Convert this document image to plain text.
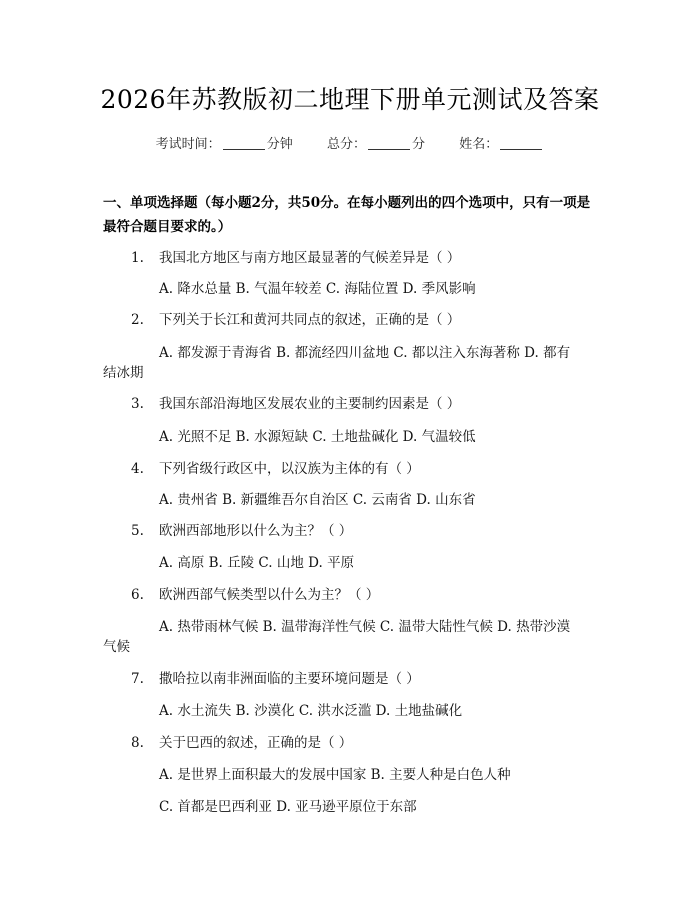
2026年苏教版初二地理下册单元测试及答案
考试时间：	分钟	总分：	分	姓名：
一、单项选择题（每小题2分，共50分。在每小题列出的四个选项中，只有一项是最符合题目要求的。）
1. 我国北方地区与南方地区最显著的气候差异是（ ）
A. 降水总量 B. 气温年较差 C. 海陆位置 D. 季风影响
2. 下列关于长江和黄河共同点的叙述，正确的是（ ）
A. 都发源于青海省 B. 都流经四川盆地 C. 都以注入东海著称 D. 都有
结冰期
3. 我国东部沿海地区发展农业的主要制约因素是（ ）
A. 光照不足 B. 水源短缺 C. 土地盐碱化 D. 气温较低
4. 下列省级行政区中，以汉族为主体的有（ ）
A. 贵州省 B. 新疆维吾尔自治区 C. 云南省 D. 山东省
5. 欧洲西部地形以什么为主？（ ）
A. 高原 B. 丘陵 C. 山地 D. 平原
6. 欧洲西部气候类型以什么为主？（ ）
A. 热带雨林气候 B. 温带海洋性气候 C. 温带大陆性气候 D. 热带沙漠
气候
7. 撒哈拉以南非洲面临的主要环境问题是（ ）
A. 水土流失 B. 沙漠化 C. 洪水泛滥 D. 土地盐碱化
8. 关于巴西的叙述，正确的是（ ）
A. 是世界上面积最大的发展中国家 B. 主要人种是白色人种
C. 首都是巴西利亚 D. 亚马逊平原位于东部
